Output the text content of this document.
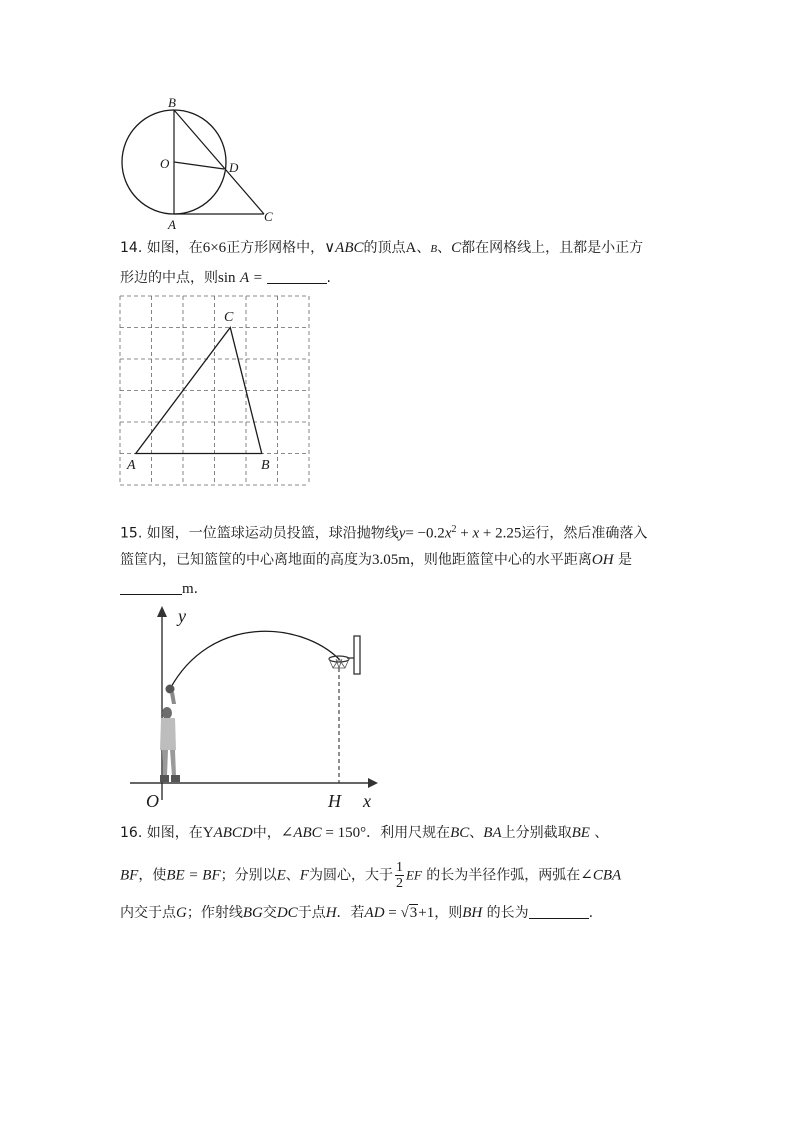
B
O	D
A
C
14. 如图，在6×6正方形网格中，∨ABC的顶点A、B、C都在网格线上，且都是小正方
形边的中点，则sin A =	.
C
A	B
15. 如图，一位篮球运动员投篮，球沿抛物线$y= -0.2x^2 + x + 2.25$运行，然后准确落入
篮筐内，已知篮筐的中心离地面的高度为3.05m，则他距篮筐中心的水平距离OH 是
m.
y
O	H x
16. 如图，在YABCD中，∠ABC = 150°．利用尺规在BC、BA上分别截取BE 、
BF，使BE = BF；分别以E、F为圆心，大于 $\frac{1}{2}$ EF 的长为半径作弧，两弧在∠CBA
内交于点G；作射线BG交DC于点H．若AD = √3+1，则BH 的长为	.
